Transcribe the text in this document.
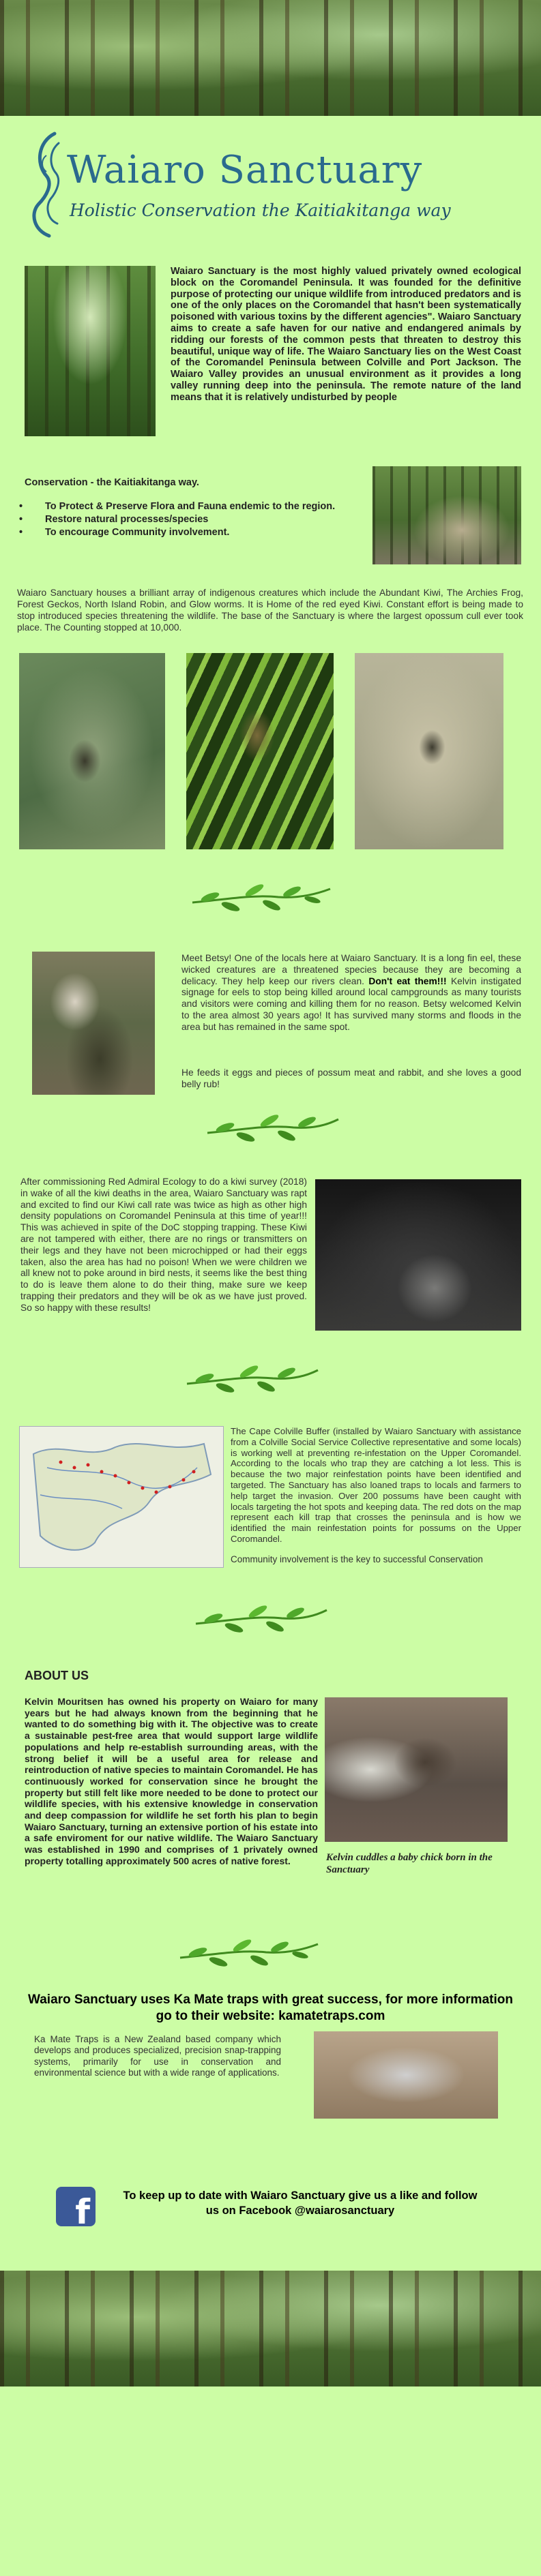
Waiaro Sanctuary
Holistic Conservation the Kaitiakitanga way
Waiaro Sanctuary is the most highly valued privately owned ecological block on the Coromandel Peninsula. It was founded for the definitive purpose of protecting our unique wildlife from introduced predators and is one of the only places on the Coromandel that hasn't been systematically poisoned with various toxins by the different agencies". Waiaro Sanctuary aims to create a safe haven for our native and endangered animals by ridding our forests of the common pests that threaten to destroy this beautiful, unique way of life. The Waiaro Sanctuary lies on the West Coast of the Coromandel Peninsula between Colville and Port Jackson. The Waiaro Valley provides an unusual environment as it provides a long valley running deep into the peninsula. The remote nature of the land means that it is relatively undisturbed by people
Conservation - the Kaitiakitanga way.
• To Protect & Preserve Flora and Fauna endemic to the region.
• Restore natural processes/species
• To encourage Community involvement.
Waiaro Sanctuary houses a brilliant array of indigenous creatures which include the Abundant Kiwi, The Archies Frog, Forest Geckos, North Island Robin, and Glow worms. It is Home of the red eyed Kiwi. Constant effort is being made to stop introduced species threatening the wildlife. The base of the Sanctuary is where the largest opossum cull ever took place. The Counting stopped at 10,000.
Meet Betsy! One of the locals here at Waiaro Sanctuary. It is a long fin eel, these wicked creatures are a threatened species because they are becoming a delicacy. They help keep our rivers clean. Don't eat them!!! Kelvin instigated signage for eels to stop being killed around local campgrounds as many tourists and visitors were coming and killing them for no reason. Betsy welcomed Kelvin to the area almost 30 years ago! It has survived many storms and floods in the area but has remained in the same spot.
He feeds it eggs and pieces of possum meat and rabbit, and she loves a good belly rub!
After commissioning Red Admiral Ecology to do a kiwi survey (2018) in wake of all the kiwi deaths in the area, Waiaro Sanctuary was rapt and excited to find our Kiwi call rate was twice as high as other high density populations on Coromandel Peninsula at this time of year!!! This was achieved in spite of the DoC stopping trapping. These Kiwi are not tampered with either, there are no rings or transmitters on their legs and they have not been microchipped or had their eggs taken, also the area has had no poison! When we were children we all knew not to poke around in bird nests, it seems like the best thing to do is leave them alone to do their thing, make sure we keep trapping their predators and they will be ok as we have just proved. So so happy with these results!
The Cape Colville Buffer (installed by Waiaro Sanctuary with assistance from a Colville Social Service Collective representative and some locals) is working well at preventing re-infestation on the Upper Coromandel. According to the locals who trap they are catching a lot less. This is because the two major reinfestation points have been identified and targeted. The Sanctuary has also loaned traps to locals and farmers to help target the invasion. Over 200 possums have been caught with locals targeting the hot spots and keeping data. The red dots on the map represent each kill trap that crosses the peninsula and is how we identified the main reinfestation points for possums on the Upper Coromandel.
Community involvement is the key to successful Conservation
ABOUT US
Kelvin Mouritsen has owned his property on Waiaro for many years but he had always known from the beginning that he wanted to do something big with it. The objective was to create a sustainable pest-free area that would support large wildlife populations and help re-establish surrounding areas, with the strong belief it will be a useful area for release and reintroduction of native species to maintain Coromandel. He has continuously worked for conservation since he brought the property but still felt like more needed to be done to protect our wildlife species, with his extensive knowledge in conservation and deep compassion for wildlife he set forth his plan to begin Waiaro Sanctuary, turning an extensive portion of his estate into a safe enviroment for our native wildlife. The Waiaro Sanctuary was established in 1990 and comprises of 1 privately owned property totalling approximately 500 acres of native forest.	Kelvin cuddles a baby chick born in the Sanctuary
Waiaro Sanctuary uses Ka Mate traps with great success, for more information go to their website: kamatetraps.com
Ka Mate Traps is a New Zealand based company which develops and produces specialized, precision snap-trapping systems, primarily for use in conservation and environmental science but with a wide range of applications.
f	To keep up to date with Waiaro Sanctuary give us a like and follow us on Facebook @waiarosanctuary
